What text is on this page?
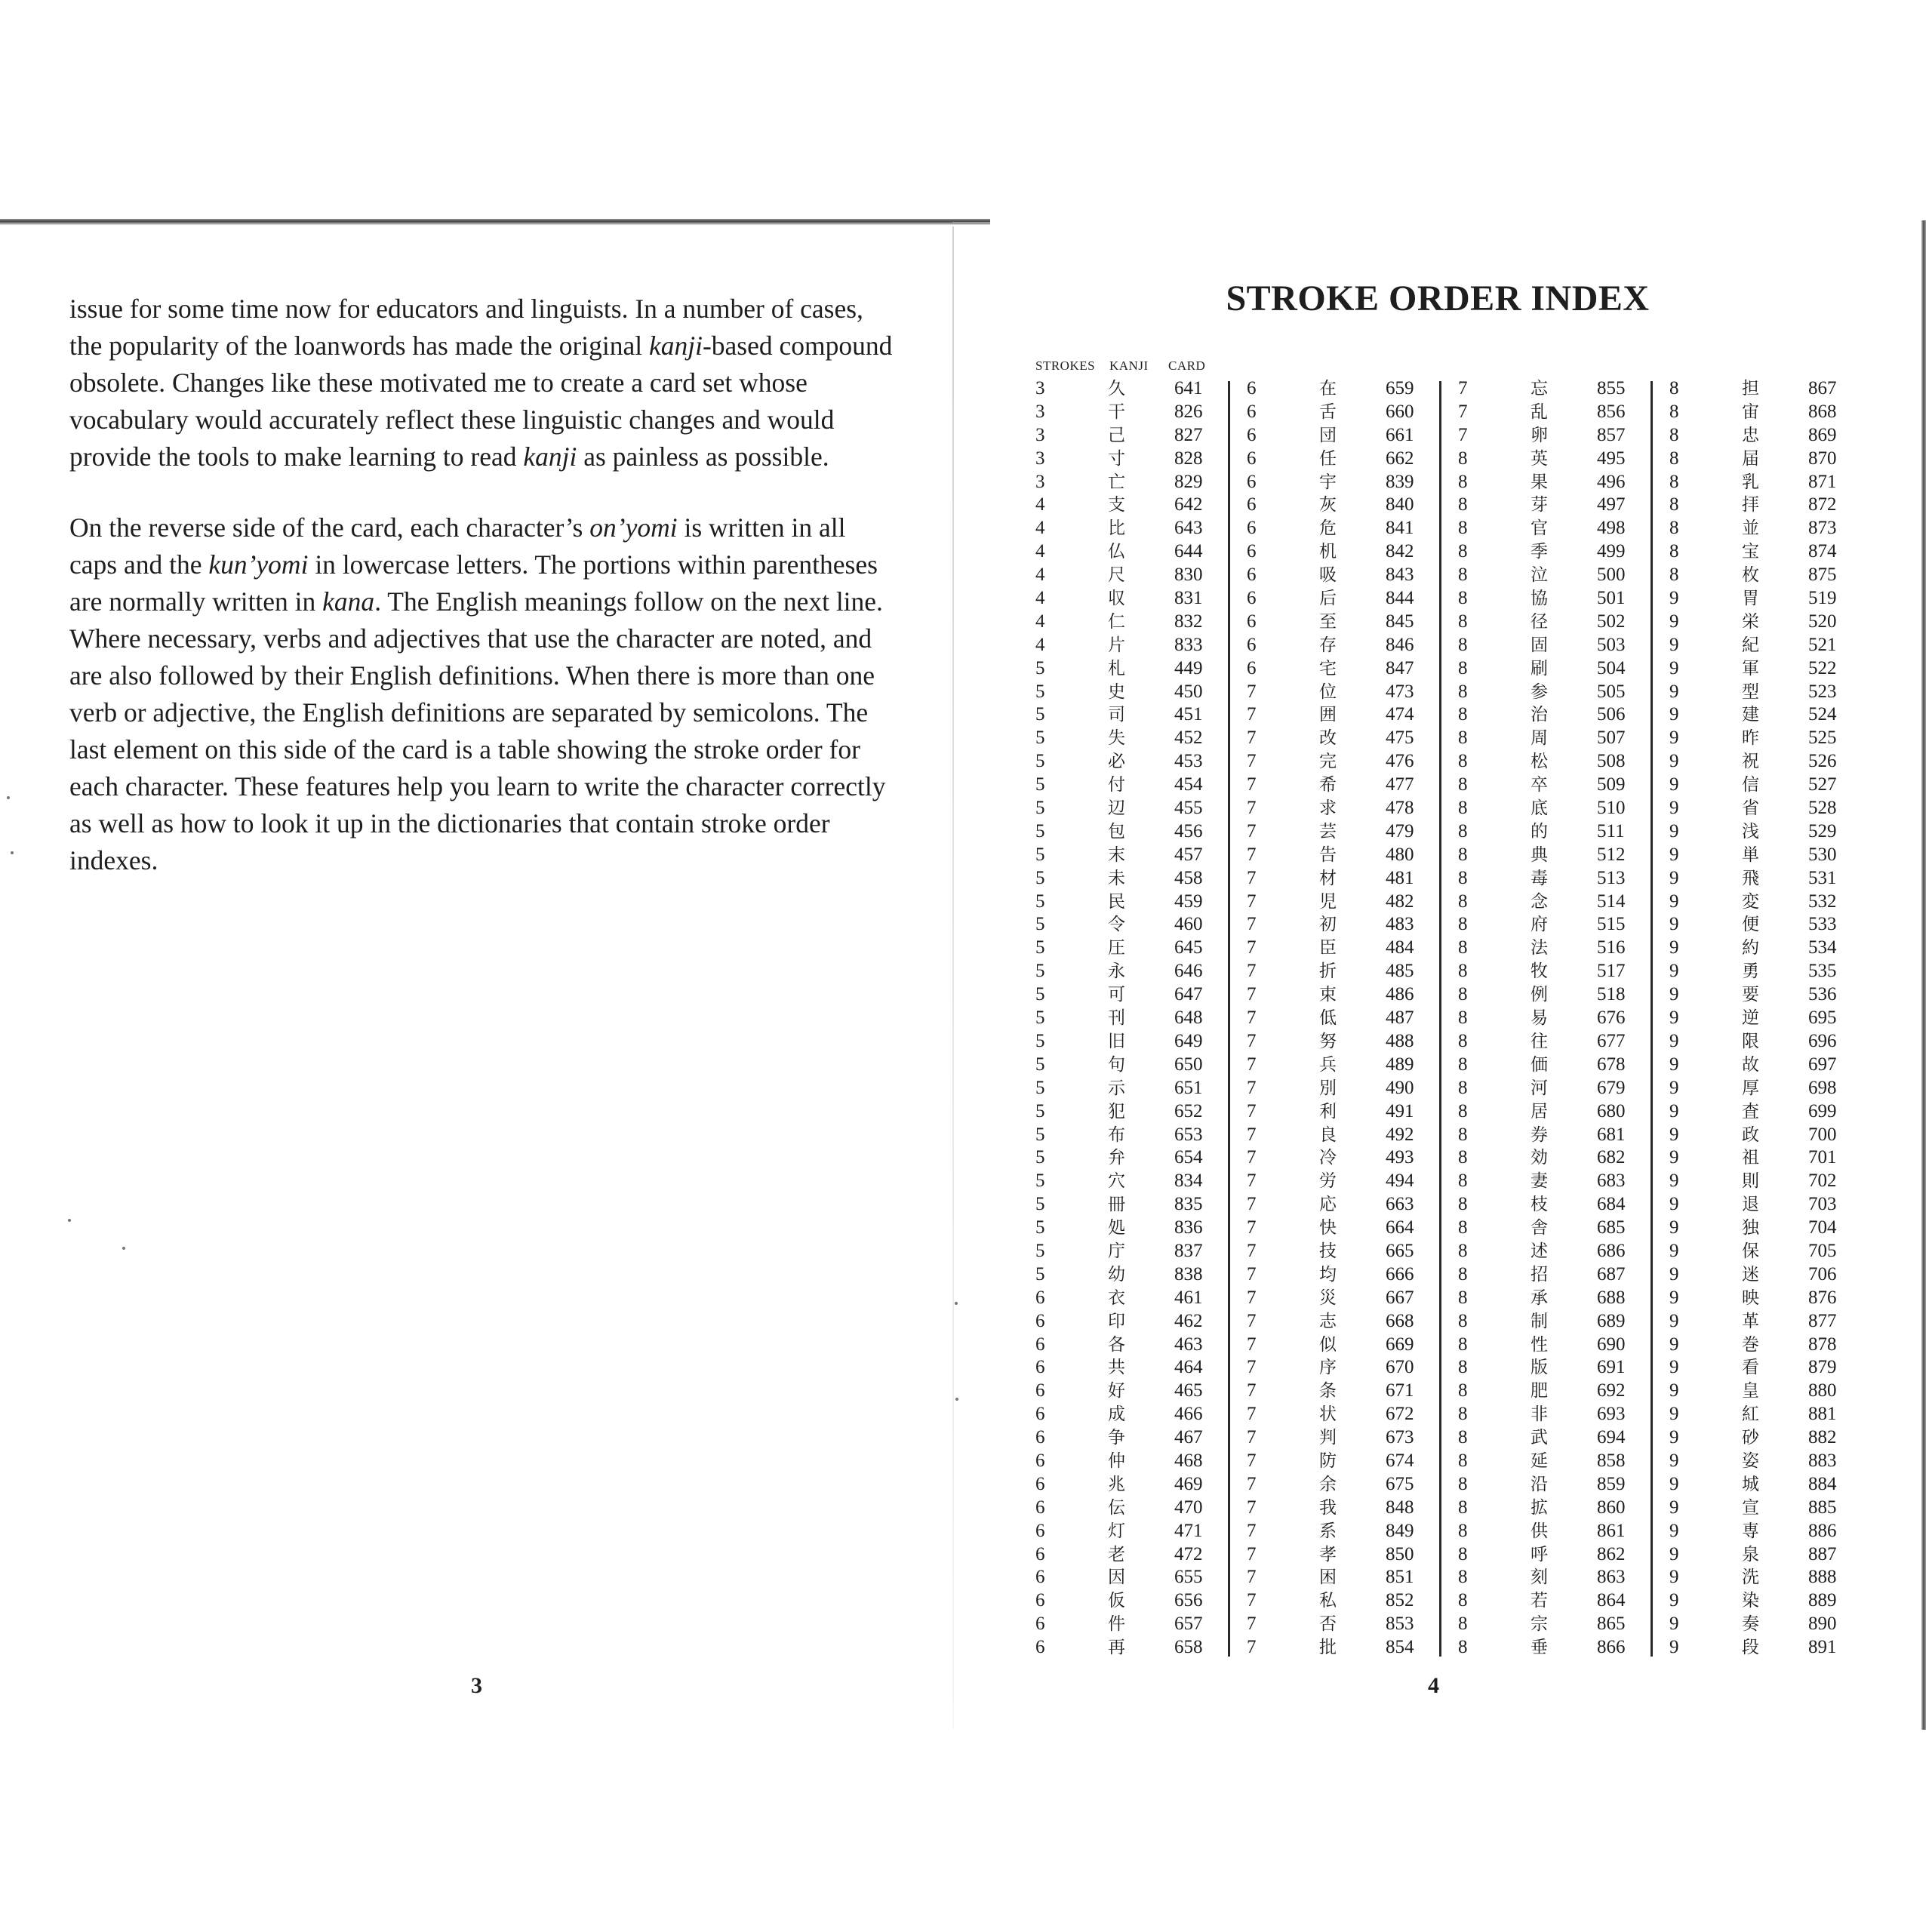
issue for some time now for educators and linguists. In a number of cases, the popularity of the loanwords has made the original kanji-based compound obsolete. Changes like these motivated me to create a card set whose vocabulary would accurately reflect these linguistic changes and would provide the tools to make learning to read kanji as painless as possible.

On the reverse side of the card, each character’s on’yomi is written in all caps and the kun’yomi in lowercase letters. The portions within parentheses are normally written in kana. The English meanings follow on the next line. Where necessary, verbs and adjectives that use the character are noted, and are also followed by their English definitions. When there is more than one verb or adjective, the English definitions are separated by semicolons. The last element on this side of the card is a table showing the stroke order for each character. These features help you learn to write the character correctly as well as how to look it up in the dictionaries that contain stroke order indexes.

3
STROKE ORDER INDEX
STROKES KANJI CARD
3	久	641
3	干	826
3	己	827
3	寸	828
3	亡	829
4	支	642
4	比	643
4	仏	644
4	尺	830
4	収	831
4	仁	832
4	片	833
5	札	449
5	史	450
5	司	451
5	失	452
5	必	453
5	付	454
5	辺	455
5	包	456
5	末	457
5	未	458
5	民	459
5	令	460
5	圧	645
5	永	646
5	可	647
5	刊	648
5	旧	649
5	句	650
5	示	651
5	犯	652
5	布	653
5	弁	654
5	穴	834
5	冊	835
5	処	836
5	庁	837
5	幼	838
6	衣	461
6	印	462
6	各	463
6	共	464
6	好	465
6	成	466
6	争	467
6	仲	468
6	兆	469
6	伝	470
6	灯	471
6	老	472
6	因	655
6	仮	656
6	件	657
6	再	658
6	在	659
6	舌	660
6	団	661
6	任	662
6	宇	839
6	灰	840
6	危	841
6	机	842
6	吸	843
6	后	844
6	至	845
6	存	846
6	宅	847
7	位	473
7	囲	474
7	改	475
7	完	476
7	希	477
7	求	478
7	芸	479
7	告	480
7	材	481
7	児	482
7	初	483
7	臣	484
7	折	485
7	束	486
7	低	487
7	努	488
7	兵	489
7	別	490
7	利	491
7	良	492
7	冷	493
7	労	494
7	応	663
7	快	664
7	技	665
7	均	666
7	災	667
7	志	668
7	似	669
7	序	670
7	条	671
7	状	672
7	判	673
7	防	674
7	余	675
7	我	848
7	系	849
7	孝	850
7	困	851
7	私	852
7	否	853
7	批	854
7	忘	855
7	乱	856
7	卵	857
8	英	495
8	果	496
8	芽	497
8	官	498
8	季	499
8	泣	500
8	協	501
8	径	502
8	固	503
8	刷	504
8	参	505
8	治	506
8	周	507
8	松	508
8	卒	509
8	底	510
8	的	511
8	典	512
8	毒	513
8	念	514
8	府	515
8	法	516
8	牧	517
8	例	518
8	易	676
8	往	677
8	価	678
8	河	679
8	居	680
8	券	681
8	効	682
8	妻	683
8	枝	684
8	舎	685
8	述	686
8	招	687
8	承	688
8	制	689
8	性	690
8	版	691
8	肥	692
8	非	693
8	武	694
8	延	858
8	沿	859
8	拡	860
8	供	861
8	呼	862
8	刻	863
8	若	864
8	宗	865
8	垂	866
8	担	867
8	宙	868
8	忠	869
8	届	870
8	乳	871
8	拝	872
8	並	873
8	宝	874
8	枚	875
9	胃	519
9	栄	520
9	紀	521
9	軍	522
9	型	523
9	建	524
9	昨	525
9	祝	526
9	信	527
9	省	528
9	浅	529
9	単	530
9	飛	531
9	変	532
9	便	533
9	約	534
9	勇	535
9	要	536
9	逆	695
9	限	696
9	故	697
9	厚	698
9	査	699
9	政	700
9	祖	701
9	則	702
9	退	703
9	独	704
9	保	705
9	迷	706
9	映	876
9	革	877
9	巻	878
9	看	879
9	皇	880
9	紅	881
9	砂	882
9	姿	883
9	城	884
9	宣	885
9	専	886
9	泉	887
9	洗	888
9	染	889
9	奏	890
9	段	891
4
